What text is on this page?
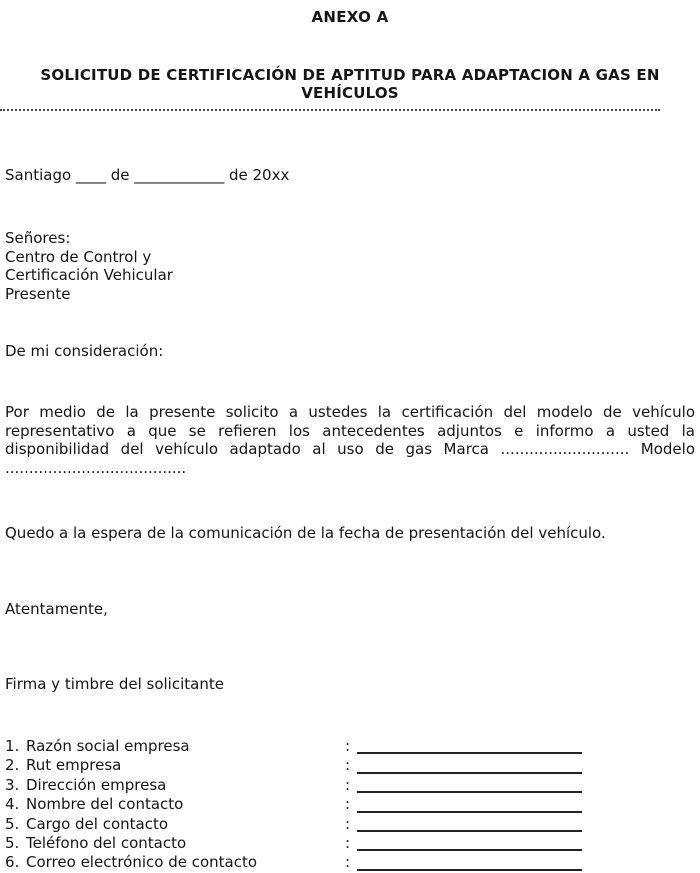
ANEXO A
SOLICITUD DE CERTIFICACIÓN DE APTITUD PARA ADAPTACION A GAS EN VEHÍCULOS
Santiago ____ de ____________ de 20xx
Señores:
Centro de Control y
Certificación Vehicular
Presente
De mi consideración:
Por medio de la presente solicito a ustedes la certificación del modelo de vehículo representativo a que se refieren los antecedentes adjuntos e informo a usted la disponibilidad del vehículo adaptado al uso de gas Marca ........................... Modelo ......................................
Quedo a la espera de la comunicación de la fecha de presentación del vehículo.
Atentamente,
Firma y timbre del solicitante
1. Razón social empresa	:
2. Rut empresa	:
3. Dirección empresa	:
4. Nombre del contacto	:
5. Cargo del contacto	:
5. Teléfono del contacto	:
6. Correo electrónico de contacto	:
